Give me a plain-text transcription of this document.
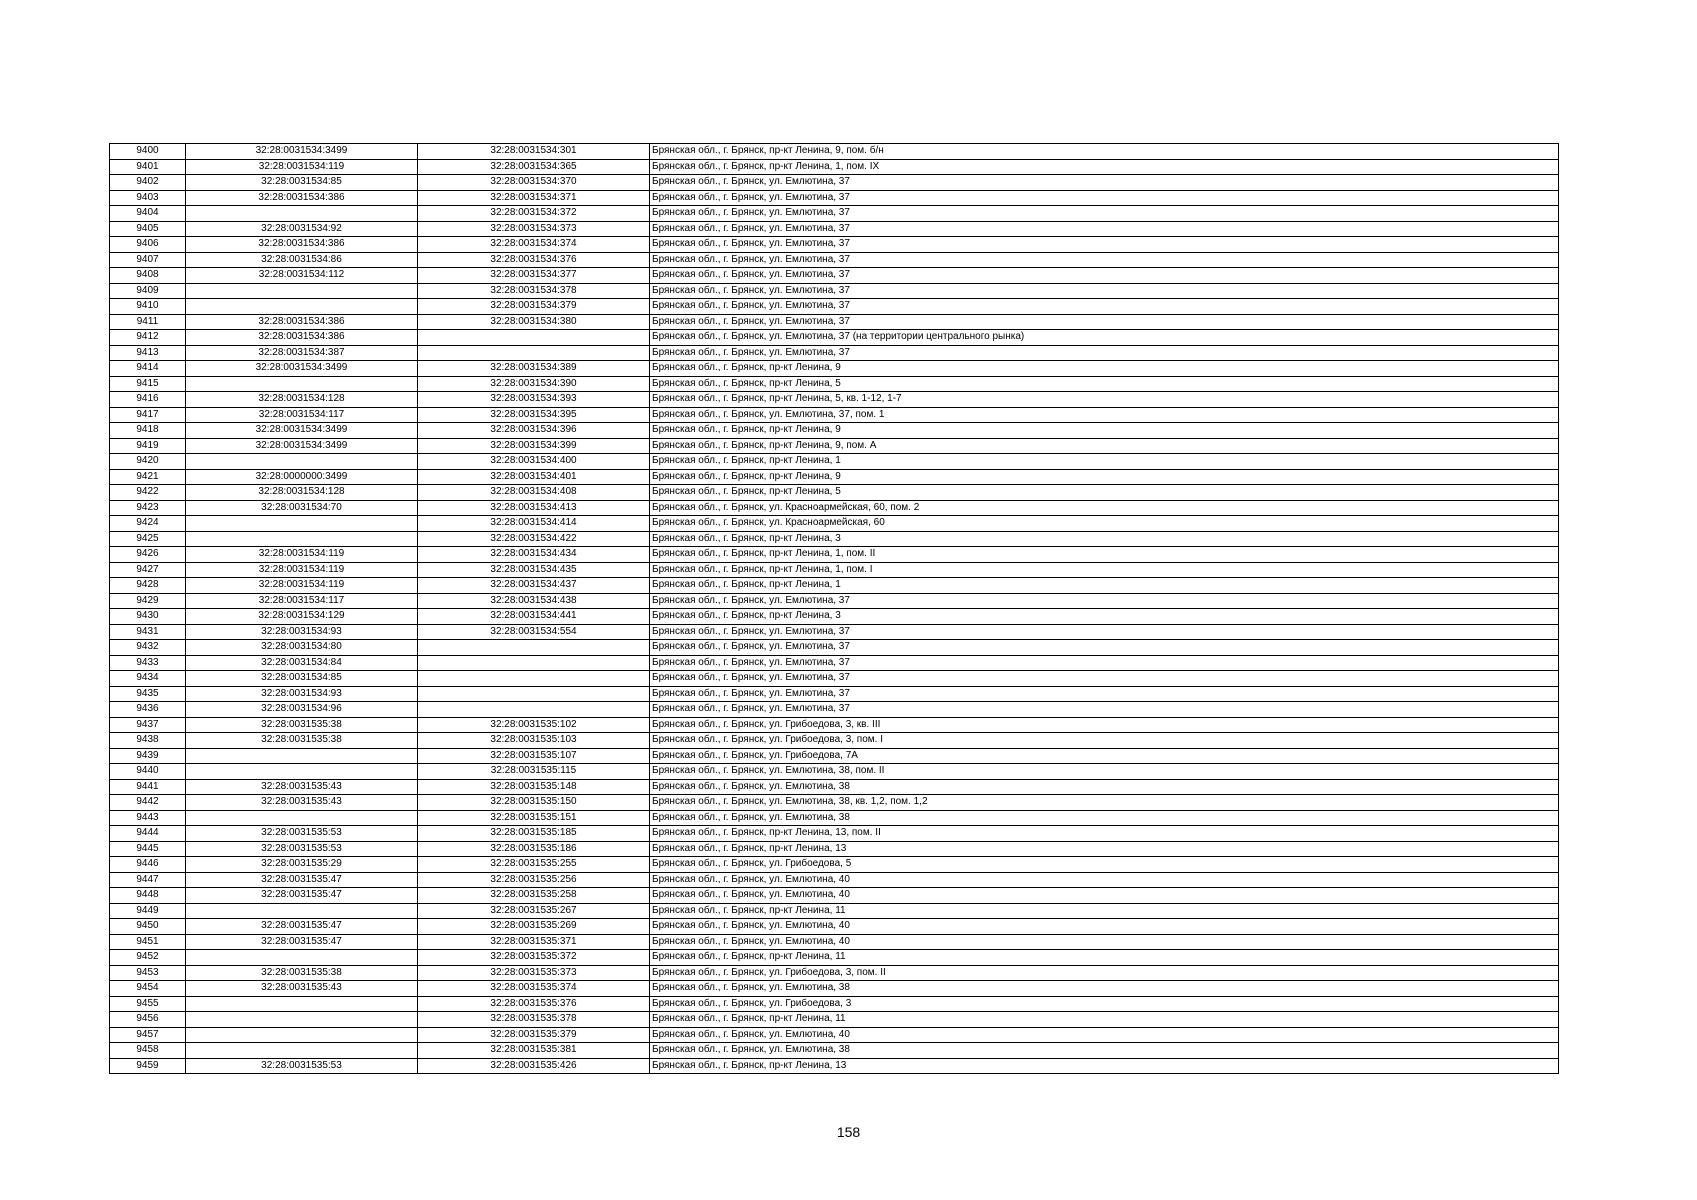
9400	32:28:0031534:3499	32:28:0031534:301	Брянская обл., г. Брянск, пр-кт Ленина, 9, пом. б/н
9401	32:28:0031534:119	32:28:0031534:365	Брянская обл., г. Брянск, пр-кт Ленина, 1, пом. IX
9402	32:28:0031534:85	32:28:0031534:370	Брянская обл., г. Брянск, ул. Емлютина, 37
9403	32:28:0031534:386	32:28:0031534:371	Брянская обл., г. Брянск, ул. Емлютина, 37
9404		32:28:0031534:372	Брянская обл., г. Брянск, ул. Емлютина, 37
9405	32:28:0031534:92	32:28:0031534:373	Брянская обл., г. Брянск, ул. Емлютина, 37
9406	32:28:0031534:386	32:28:0031534:374	Брянская обл., г. Брянск, ул. Емлютина, 37
9407	32:28:0031534:86	32:28:0031534:376	Брянская обл., г. Брянск, ул. Емлютина, 37
9408	32:28:0031534:112	32:28:0031534:377	Брянская обл., г. Брянск, ул. Емлютина, 37
9409		32:28:0031534:378	Брянская обл., г. Брянск, ул. Емлютина, 37
9410		32:28:0031534:379	Брянская обл., г. Брянск, ул. Емлютина, 37
9411	32:28:0031534:386	32:28:0031534:380	Брянская обл., г. Брянск, ул. Емлютина, 37
9412	32:28:0031534:386		Брянская обл., г. Брянск, ул. Емлютина, 37 (на территории центрального рынка)
9413	32:28:0031534:387		Брянская обл., г. Брянск, ул. Емлютина, 37
9414	32:28:0031534:3499	32:28:0031534:389	Брянская обл., г. Брянск, пр-кт Ленина, 9
9415		32:28:0031534:390	Брянская обл., г. Брянск, пр-кт Ленина, 5
9416	32:28:0031534:128	32:28:0031534:393	Брянская обл., г. Брянск, пр-кт Ленина, 5, кв. 1-12, 1-7
9417	32:28:0031534:117	32:28:0031534:395	Брянская обл., г. Брянск, ул. Емлютина, 37, пом. 1
9418	32:28:0031534:3499	32:28:0031534:396	Брянская обл., г. Брянск, пр-кт Ленина, 9
9419	32:28:0031534:3499	32:28:0031534:399	Брянская обл., г. Брянск, пр-кт Ленина, 9, пом. А
9420		32:28:0031534:400	Брянская обл., г. Брянск, пр-кт Ленина, 1
9421	32:28:0000000:3499	32:28:0031534:401	Брянская обл., г. Брянск, пр-кт Ленина, 9
9422	32:28:0031534:128	32:28:0031534:408	Брянская обл., г. Брянск, пр-кт Ленина, 5
9423	32:28:0031534:70	32:28:0031534:413	Брянская обл., г. Брянск, ул. Красноармейская, 60, пом. 2
9424		32:28:0031534:414	Брянская обл., г. Брянск, ул. Красноармейская, 60
9425		32:28:0031534:422	Брянская обл., г. Брянск, пр-кт Ленина, 3
9426	32:28:0031534:119	32:28:0031534:434	Брянская обл., г. Брянск, пр-кт Ленина, 1, пом. II
9427	32:28:0031534:119	32:28:0031534:435	Брянская обл., г. Брянск, пр-кт Ленина, 1, пом. I
9428	32:28:0031534:119	32:28:0031534:437	Брянская обл., г. Брянск, пр-кт Ленина, 1
9429	32:28:0031534:117	32:28:0031534:438	Брянская обл., г. Брянск, ул. Емлютина, 37
9430	32:28:0031534:129	32:28:0031534:441	Брянская обл., г. Брянск, пр-кт Ленина, 3
9431	32:28:0031534:93	32:28:0031534:554	Брянская обл., г. Брянск, ул. Емлютина, 37
9432	32:28:0031534:80		Брянская обл., г. Брянск, ул. Емлютина, 37
9433	32:28:0031534:84		Брянская обл., г. Брянск, ул. Емлютина, 37
9434	32:28:0031534:85		Брянская обл., г. Брянск, ул. Емлютина, 37
9435	32:28:0031534:93		Брянская обл., г. Брянск, ул. Емлютина, 37
9436	32:28:0031534:96		Брянская обл., г. Брянск, ул. Емлютина, 37
9437	32:28:0031535:38	32:28:0031535:102	Брянская обл., г. Брянск, ул. Грибоедова, 3, кв. III
9438	32:28:0031535:38	32:28:0031535:103	Брянская обл., г. Брянск, ул. Грибоедова, 3, пом. I
9439		32:28:0031535:107	Брянская обл., г. Брянск, ул. Грибоедова, 7А
9440		32:28:0031535:115	Брянская обл., г. Брянск, ул. Емлютина, 38, пом. II
9441	32:28:0031535:43	32:28:0031535:148	Брянская обл., г. Брянск, ул. Емлютина, 38
9442	32:28:0031535:43	32:28:0031535:150	Брянская обл., г. Брянск, ул. Емлютина, 38, кв. 1,2, пом. 1,2
9443		32:28:0031535:151	Брянская обл., г. Брянск, ул. Емлютина, 38
9444	32:28:0031535:53	32:28:0031535:185	Брянская обл., г. Брянск, пр-кт Ленина, 13, пом. II
9445	32:28:0031535:53	32:28:0031535:186	Брянская обл., г. Брянск, пр-кт Ленина, 13
9446	32:28:0031535:29	32:28:0031535:255	Брянская обл., г. Брянск, ул. Грибоедова, 5
9447	32:28:0031535:47	32:28:0031535:256	Брянская обл., г. Брянск, ул. Емлютина, 40
9448	32:28:0031535:47	32:28:0031535:258	Брянская обл., г. Брянск, ул. Емлютина, 40
9449		32:28:0031535:267	Брянская обл., г. Брянск, пр-кт Ленина, 11
9450	32:28:0031535:47	32:28:0031535:269	Брянская обл., г. Брянск, ул. Емлютина, 40
9451	32:28:0031535:47	32:28:0031535:371	Брянская обл., г. Брянск, ул. Емлютина, 40
9452		32:28:0031535:372	Брянская обл., г. Брянск, пр-кт Ленина, 11
9453	32:28:0031535:38	32:28:0031535:373	Брянская обл., г. Брянск, ул. Грибоедова, 3, пом. II
9454	32:28:0031535:43	32:28:0031535:374	Брянская обл., г. Брянск, ул. Емлютина, 38
9455		32:28:0031535:376	Брянская обл., г. Брянск, ул. Грибоедова, 3
9456		32:28:0031535:378	Брянская обл., г. Брянск, пр-кт Ленина, 11
9457		32:28:0031535:379	Брянская обл., г. Брянск, ул. Емлютина, 40
9458		32:28:0031535:381	Брянская обл., г. Брянск, ул. Емлютина, 38
9459	32:28:0031535:53	32:28:0031535:426	Брянская обл., г. Брянск, пр-кт Ленина, 13
158
